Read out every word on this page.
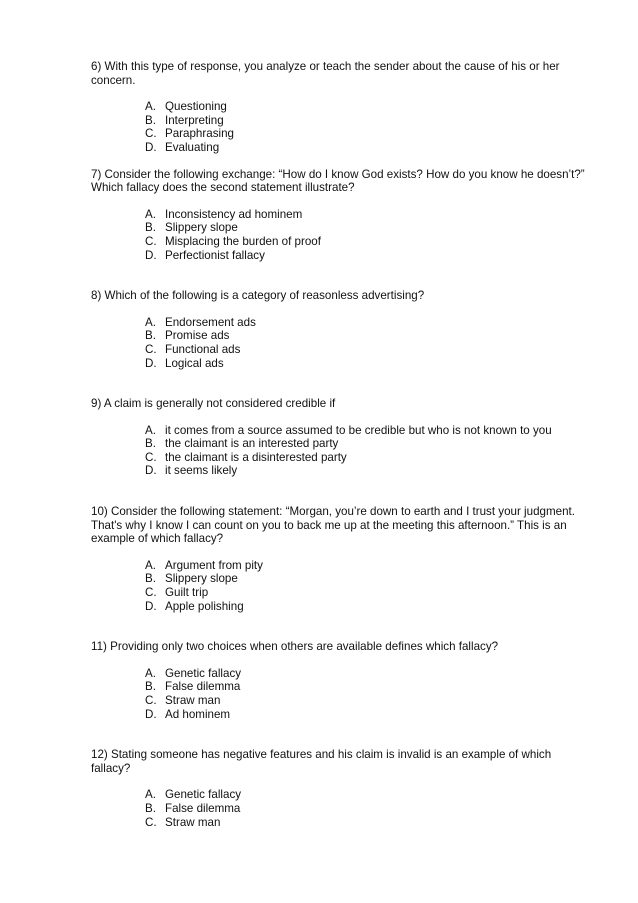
6) With this type of response, you analyze or teach the sender about the cause of his or her concern.

A. Questioning
B. Interpreting
C. Paraphrasing
D. Evaluating

7) Consider the following exchange: “How do I know God exists? How do you know he doesn’t?” Which fallacy does the second statement illustrate?

A. Inconsistency ad hominem
B. Slippery slope
C. Misplacing the burden of proof
D. Perfectionist fallacy

8) Which of the following is a category of reasonless advertising?

A. Endorsement ads
B. Promise ads
C. Functional ads
D. Logical ads

9) A claim is generally not considered credible if

A. it comes from a source assumed to be credible but who is not known to you
B. the claimant is an interested party
C. the claimant is a disinterested party
D. it seems likely

10) Consider the following statement: “Morgan, you’re down to earth and I trust your judgment. That's why I know I can count on you to back me up at the meeting this afternoon.” This is an example of which fallacy?

A. Argument from pity
B. Slippery slope
C. Guilt trip
D. Apple polishing

11) Providing only two choices when others are available defines which fallacy?

A. Genetic fallacy
B. False dilemma
C. Straw man
D. Ad hominem

12) Stating someone has negative features and his claim is invalid is an example of which fallacy?

A. Genetic fallacy
B. False dilemma
C. Straw man
